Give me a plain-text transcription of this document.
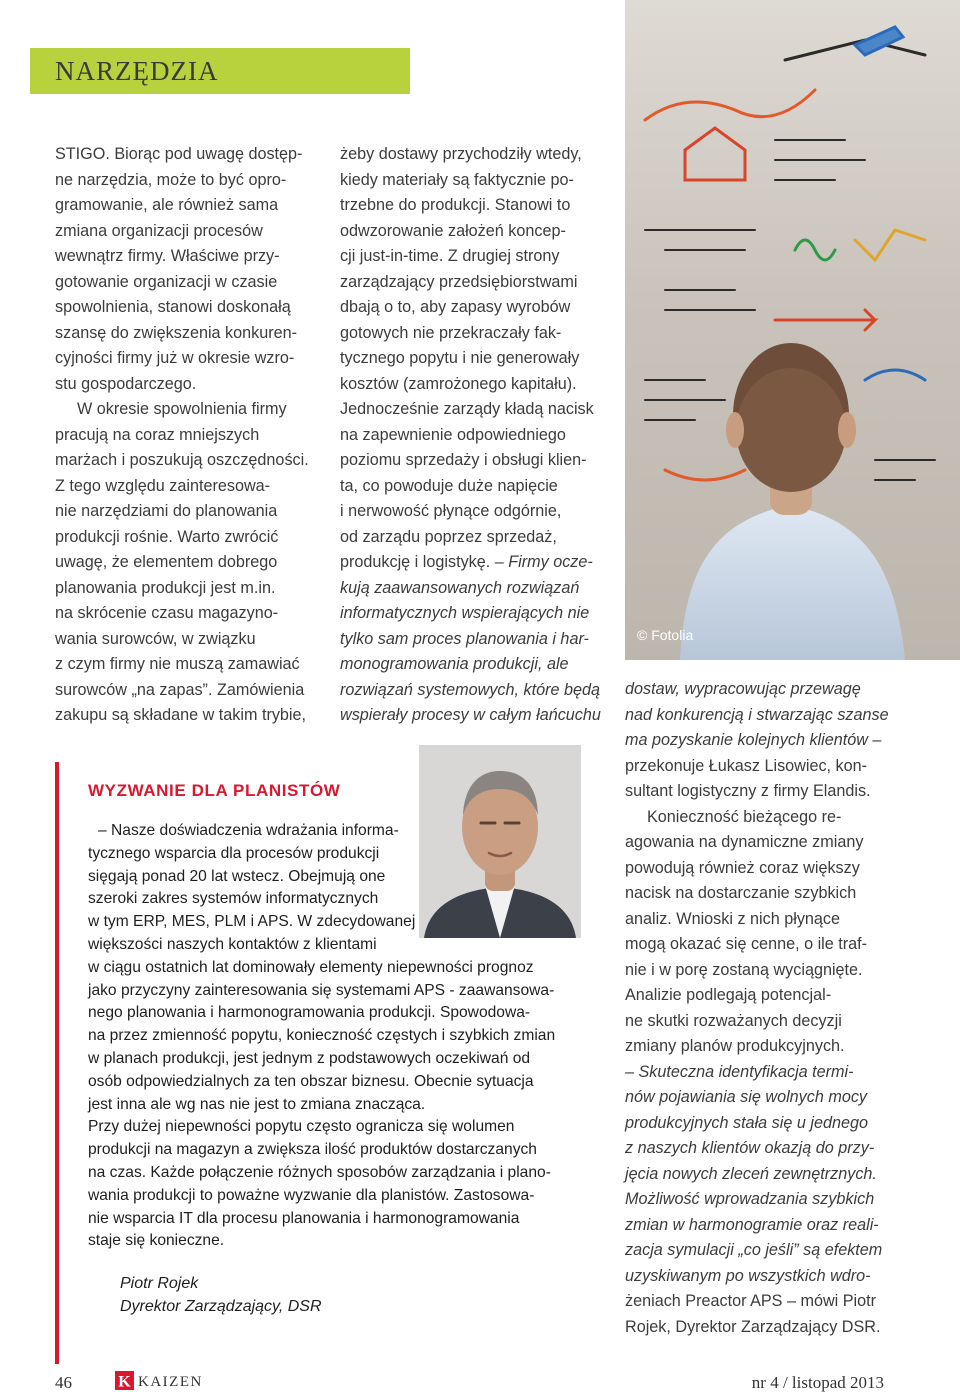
NARZĘDZIA
STIGO. Biorąc pod uwagę dostęp-
ne narzędzia, może to być opro-
gramowanie, ale również sama
zmiana organizacji procesów
wewnątrz firmy. Właściwe przy-
gotowanie organizacji w czasie
spowolnienia, stanowi doskonałą
szansę do zwiększenia konkuren-
cyjności firmy już w okresie wzro-
stu gospodarczego.
W okresie spowolnienia firmy
pracują na coraz mniejszych
marżach i poszukują oszczędności.
Z tego względu zainteresowa-
nie narzędziami do planowania
produkcji rośnie. Warto zwrócić
uwagę, że elementem dobrego
planowania produkcji jest m.in.
na skrócenie czasu magazyno-
wania surowców, w związku
z czym firmy nie muszą zamawiać
surowców „na zapas”. Zamówienia
zakupu są składane w takim trybie,
żeby dostawy przychodziły wtedy,
kiedy materiały są faktycznie po-
trzebne do produkcji. Stanowi to
odwzorowanie założeń koncep-
cji just-in-time. Z drugiej strony
zarządzający przedsiębiorstwami
dbają o to, aby zapasy wyrobów
gotowych nie przekraczały fak-
tycznego popytu i nie generowały
kosztów (zamrożonego kapitału).
Jednocześnie zarządy kładą nacisk
na zapewnienie odpowiedniego
poziomu sprzedaży i obsługi klien-
ta, co powoduje duże napięcie
i nerwowość płynące odgórnie,
od zarządu poprzez sprzedaż,
produkcję i logistykę. – Firmy ocze-
kują zaawansowanych rozwiązań
informatycznych wspierających nie
tylko sam proces planowania i har-
monogramowania produkcji, ale
rozwiązań systemowych, które będą
wspierały procesy w całym łańcuchu
© Fotolia
dostaw, wypracowując przewagę
nad konkurencją i stwarzając szanse
ma pozyskanie kolejnych klientów –
przekonuje Łukasz Lisowiec, kon-
sultant logistyczny z firmy Elandis.
Konieczność bieżącego re-
agowania na dynamiczne zmiany
powodują również coraz większy
nacisk na dostarczanie szybkich
analiz. Wnioski z nich płynące
mogą okazać się cenne, o ile traf-
nie i w porę zostaną wyciągnięte.
Analizie podlegają potencjal-
ne skutki rozważanych decyzji
zmiany planów produkcyjnych.
– Skuteczna identyfikacja termi-
nów pojawiania się wolnych mocy
produkcyjnych stała się u jednego
z naszych klientów okazją do przy-
jęcia nowych zleceń zewnętrznych.
Możliwość wprowadzania szybkich
zmian w harmonogramie oraz reali-
zacja symulacji „co jeśli” są efektem
uzyskiwanym po wszystkich wdro-
żeniach Preactor APS – mówi Piotr
Rojek, Dyrektor Zarządzający DSR.
WYZWANIE DLA PLANISTÓW
– Nasze doświadczenia wdrażania informa-
tycznego wsparcia dla procesów produkcji
sięgają ponad 20 lat wstecz. Obejmują one
szeroki zakres systemów informatycznych
w tym ERP, MES, PLM i APS. W zdecydowanej
większości naszych kontaktów z klientami
w ciągu ostatnich lat dominowały elementy niepewności prognoz
jako przyczyny zainteresowania się systemami APS - zaawansowa-
nego planowania i harmonogramowania produkcji. Spowodowa-
na przez zmienność popytu, konieczność częstych i szybkich zmian
w planach produkcji, jest jednym z podstawowych oczekiwań od
osób odpowiedzialnych za ten obszar biznesu. Obecnie sytuacja
jest inna ale wg nas nie jest to zmiana znacząca.
Przy dużej niepewności popytu często ogranicza się wolumen
produkcji na magazyn a zwiększa ilość produktów dostarczanych
na czas. Każde połączenie różnych sposobów zarządzania i plano-
wania produkcji to poważne wyzwanie dla planistów. Zastosowa-
nie wsparcia IT dla procesu planowania i harmonogramowania
staje się konieczne.

Piotr Rojek

Dyrektor Zarządzający, DSR

46	K KAIZEN	nr 4 / listopad 2013
